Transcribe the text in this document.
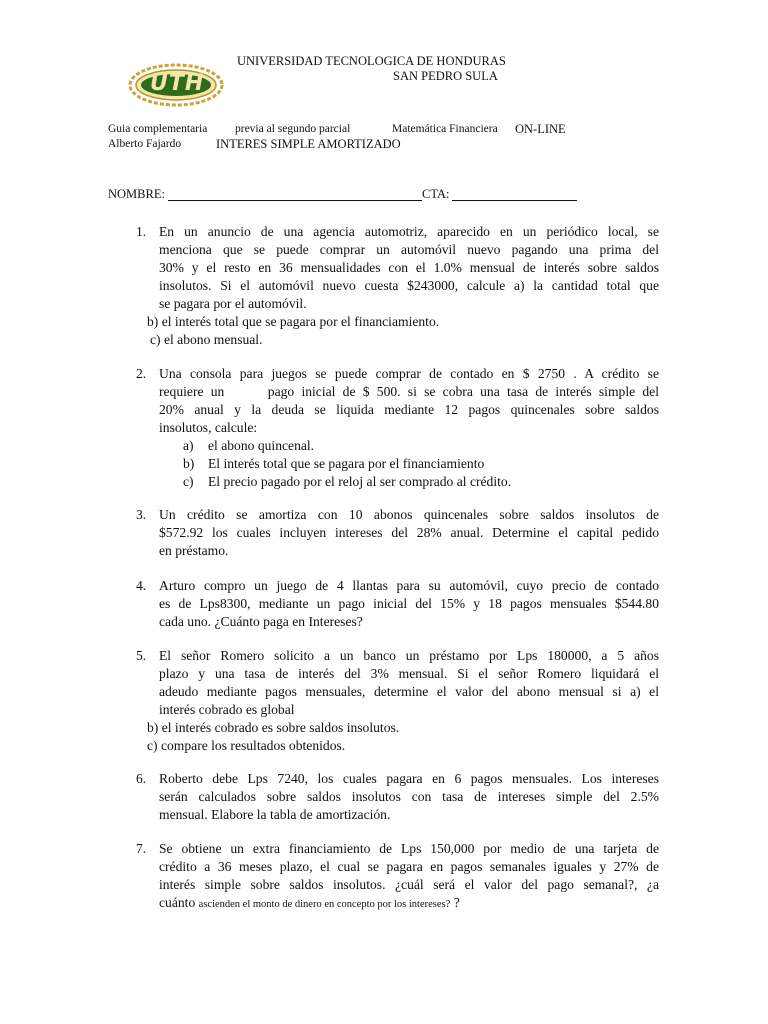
UTH
UNIVERSIDAD TECNOLOGICA DE HONDURAS
SAN PEDRO SULA
Guia complementaria previa al segundo parcial	Matemática Financiera ON-LINE
Alberto Fajardo	INTERES SIMPLE AMORTIZADO
NOMBRE:	CTA:
1. En un anuncio de una agencia automotriz, aparecido en un periódico local, se
menciona que se puede comprar un automóvil nuevo pagando una prima del
30% y el resto en 36 mensualidades con el 1.0% mensual de interés sobre saldos
insolutos. Si el automóvil nuevo cuesta $243000, calcule a) la cantidad total que
se pagara por el automóvil.
b) el interés total que se pagara por el financiamiento.
c) el abono mensual.
2. Una consola para juegos se puede comprar de contado en $ 2750 . A crédito se
requiere un      pago inicial de $ 500. si se cobra una tasa de interés simple del
20% anual y la deuda se liquida mediante 12 pagos quincenales sobre saldos
insolutos, calcule:
a) el abono quincenal.
b) El interés total que se pagara por el financiamiento
c) El precio pagado por el reloj al ser comprado al crédito.
3. Un crédito se amortiza con 10 abonos quincenales sobre saldos insolutos de
$572.92 los cuales incluyen intereses del 28% anual. Determine el capital pedido
en préstamo.
4. Arturo compro un juego de 4 llantas para su automóvil, cuyo precio de contado
es de Lps8300, mediante un pago inicial del 15% y 18 pagos mensuales $544.80
cada uno. ¿Cuánto paga en Intereses?
5. El señor Romero solicito a un banco un préstamo por Lps 180000, a 5 años
plazo y una tasa de interés del 3% mensual. Si el señor Romero liquidará el
adeudo mediante pagos mensuales, determine el valor del abono mensual si a) el
interés cobrado es global
b) el interés cobrado es sobre saldos insolutos.
c) compare los resultados obtenidos.
6. Roberto debe Lps 7240, los cuales pagara en 6 pagos mensuales. Los intereses
serán calculados sobre saldos insolutos con tasa de intereses simple del 2.5%
mensual. Elabore la tabla de amortización.
7. Se obtiene un extra financiamiento de Lps 150,000 por medio de una tarjeta de
crédito a 36 meses plazo, el cual se pagara en pagos semanales iguales y 27% de
interés simple sobre saldos insolutos. ¿cuál será el valor del pago semanal?, ¿a
cuánto ascienden el monto de dinero en concepto por los intereses? ?
